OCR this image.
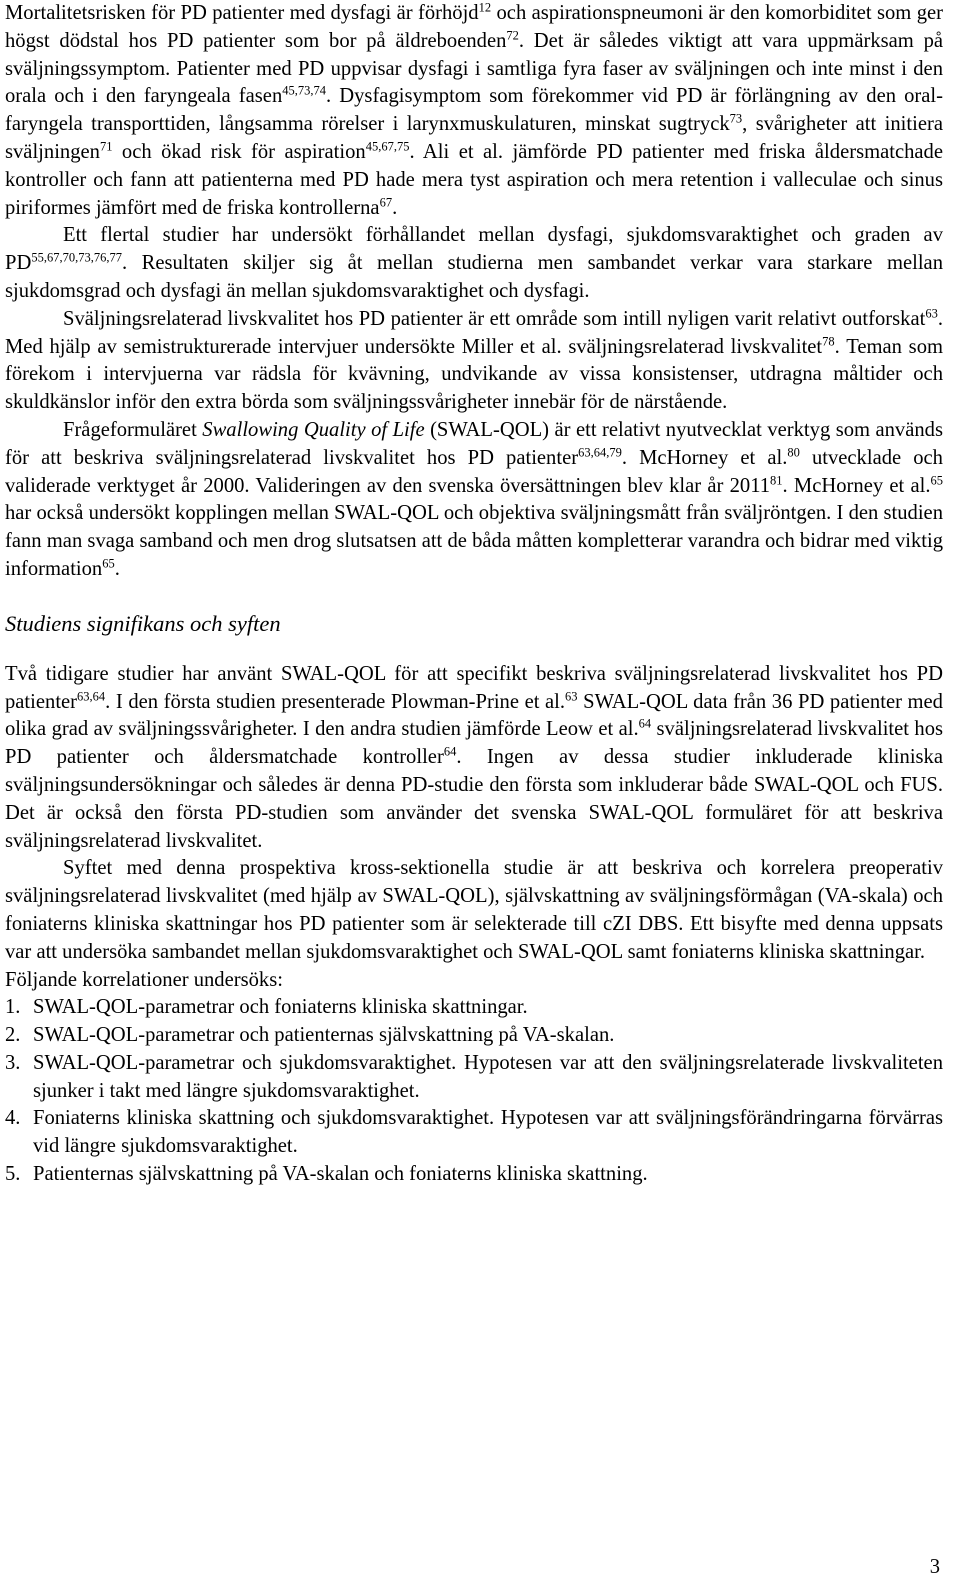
Mortalitetsrisken för PD patienter med dysfagi är förhöjd$^{12}$ och aspirationspneumoni är den komorbiditet som ger högst dödstal hos PD patienter som bor på äldreboenden$^{72}$. Det är således viktigt att vara uppmärksam på sväljningssymptom. Patienter med PD uppvisar dysfagi i samtliga fyra faser av sväljningen och inte minst i den orala och i den faryngeala fasen$^{45,73,74}$. Dysfagisymptom som förekommer vid PD är förlängning av den oral-faryngela transporttiden, långsamma rörelser i larynxmuskulaturen, minskat sugtryck$^{73}$, svårigheter att initiera sväljningen$^{71}$ och ökad risk för aspiration$^{45,67,75}$. Ali et al. jämförde PD patienter med friska åldersmatchade kontroller och fann att patienterna med PD hade mera tyst aspiration och mera retention i valleculae och sinus piriformes jämfört med de friska kontrollerna$^{67}$.

Ett flertal studier har undersökt förhållandet mellan dysfagi, sjukdomsvaraktighet och graden av PD$^{55,67,70,73,76,77}$. Resultaten skiljer sig åt mellan studierna men sambandet verkar vara starkare mellan sjukdomsgrad och dysfagi än mellan sjukdomsvaraktighet och dysfagi.

Sväljningsrelaterad livskvalitet hos PD patienter är ett område som intill nyligen varit relativt outforskat$^{63}$. Med hjälp av semistrukturerade intervjuer undersökte Miller et al. sväljningsrelaterad livskvalitet$^{78}$. Teman som förekom i intervjuerna var rädsla för kvävning, undvikande av vissa konsistenser, utdragna måltider och skuldkänslor inför den extra börda som sväljningssvårigheter innebär för de närstående.

Frågeformuläret Swallowing Quality of Life (SWAL-QOL) är ett relativt nyutvecklat verktyg som används för att beskriva sväljningsrelaterad livskvalitet hos PD patienter$^{63,64,79}$. McHorney et al.$^{80}$ utvecklade och validerade verktyget år 2000. Valideringen av den svenska översättningen blev klar år 2011$^{81}$. McHorney et al.$^{65}$ har också undersökt kopplingen mellan SWAL-QOL och objektiva sväljningsmått från sväljröntgen. I den studien fann man svaga samband och men drog slutsatsen att de båda måtten kompletterar varandra och bidrar med viktig information$^{65}$.

Studiens signifikans och syften

Två tidigare studier har använt SWAL-QOL för att specifikt beskriva sväljningsrelaterad livskvalitet hos PD patienter$^{63,64}$. I den första studien presenterade Plowman-Prine et al.$^{63}$ SWAL-QOL data från 36 PD patienter med olika grad av sväljningssvårigheter. I den andra studien jämförde Leow et al.$^{64}$ sväljningsrelaterad livskvalitet hos PD patienter och åldersmatchade kontroller$^{64}$. Ingen av dessa studier inkluderade kliniska sväljningsundersökningar och således är denna PD-studie den första som inkluderar både SWAL-QOL och FUS. Det är också den första PD-studien som använder det svenska SWAL-QOL formuläret för att beskriva sväljningsrelaterad livskvalitet.

Syftet med denna prospektiva kross-sektionella studie är att beskriva och korrelera preoperativ sväljningsrelaterad livskvalitet (med hjälp av SWAL-QOL), självskattning av sväljningsförmågan (VA-skala) och foniaterns kliniska skattningar hos PD patienter som är selekterade till cZI DBS. Ett bisyfte med denna uppsats var att undersöka sambandet mellan sjukdomsvaraktighet och SWAL-QOL samt foniaterns kliniska skattningar.

Följande korrelationer undersöks:

1. SWAL-QOL-parametrar och foniaterns kliniska skattningar.
2. SWAL-QOL-parametrar och patienternas självskattning på VA-skalan.
3. SWAL-QOL-parametrar och sjukdomsvaraktighet. Hypotesen var att den sväljningsrelaterade livskvaliteten sjunker i takt med längre sjukdomsvaraktighet.
4. Foniaterns kliniska skattning och sjukdomsvaraktighet. Hypotesen var att sväljningsförändringarna förvärras vid längre sjukdomsvaraktighet.
5. Patienternas självskattning på VA-skalan och foniaterns kliniska skattning.
3
